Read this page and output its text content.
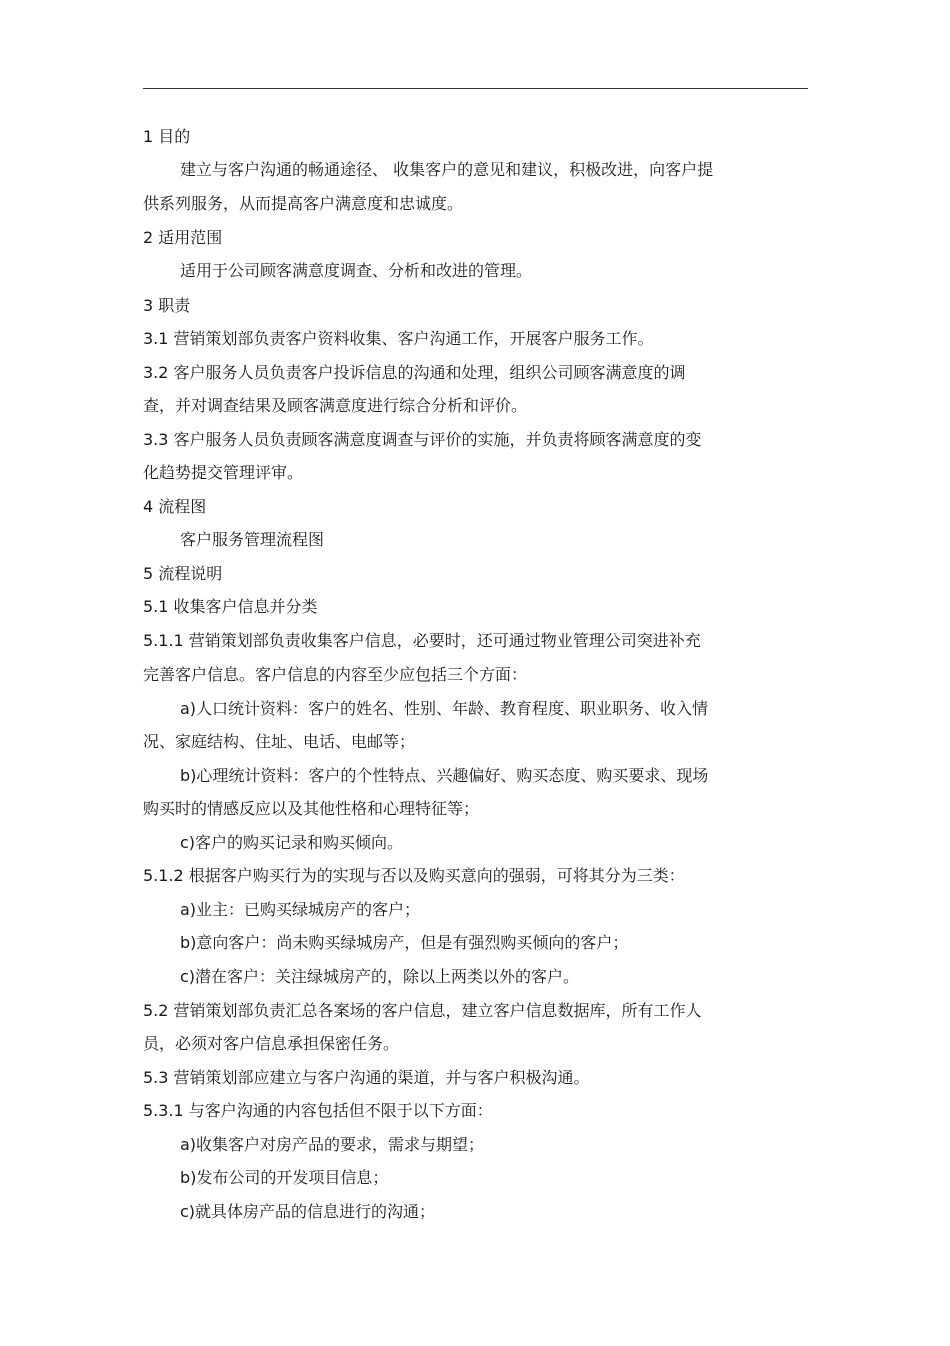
1 目的
建立与客户沟通的畅通途径、 收集客户的意见和建议，积极改进，向客户提
供系列服务，从而提高客户满意度和忠诚度。
2 适用范围
适用于公司顾客满意度调查、分析和改进的管理。
3 职责
3.1 营销策划部负责客户资料收集、客户沟通工作，开展客户服务工作。
3.2 客户服务人员负责客户投诉信息的沟通和处理，组织公司顾客满意度的调
查，并对调查结果及顾客满意度进行综合分析和评价。
3.3 客户服务人员负责顾客满意度调查与评价的实施，并负责将顾客满意度的变
化趋势提交管理评审。
4 流程图
客户服务管理流程图
5 流程说明
5.1 收集客户信息并分类
5.1.1 营销策划部负责收集客户信息，必要时，还可通过物业管理公司突进补充
完善客户信息。客户信息的内容至少应包括三个方面：
a)人口统计资料：客户的姓名、性别、年龄、教育程度、职业职务、收入情
况、家庭结构、住址、电话、电邮等；
b)心理统计资料：客户的个性特点、兴趣偏好、购买态度、购买要求、现场
购买时的情感反应以及其他性格和心理特征等；
c)客户的购买记录和购买倾向。
5.1.2 根据客户购买行为的实现与否以及购买意向的强弱，可将其分为三类：
a)业主：已购买绿城房产的客户；
b)意向客户：尚未购买绿城房产，但是有强烈购买倾向的客户；
c)潜在客户：关注绿城房产的，除以上两类以外的客户。
5.2 营销策划部负责汇总各案场的客户信息，建立客户信息数据库，所有工作人
员，必须对客户信息承担保密任务。
5.3 营销策划部应建立与客户沟通的渠道，并与客户积极沟通。
5.3.1 与客户沟通的内容包括但不限于以下方面：
a)收集客户对房产品的要求，需求与期望；
b)发布公司的开发项目信息；
c)就具体房产品的信息进行的沟通；
